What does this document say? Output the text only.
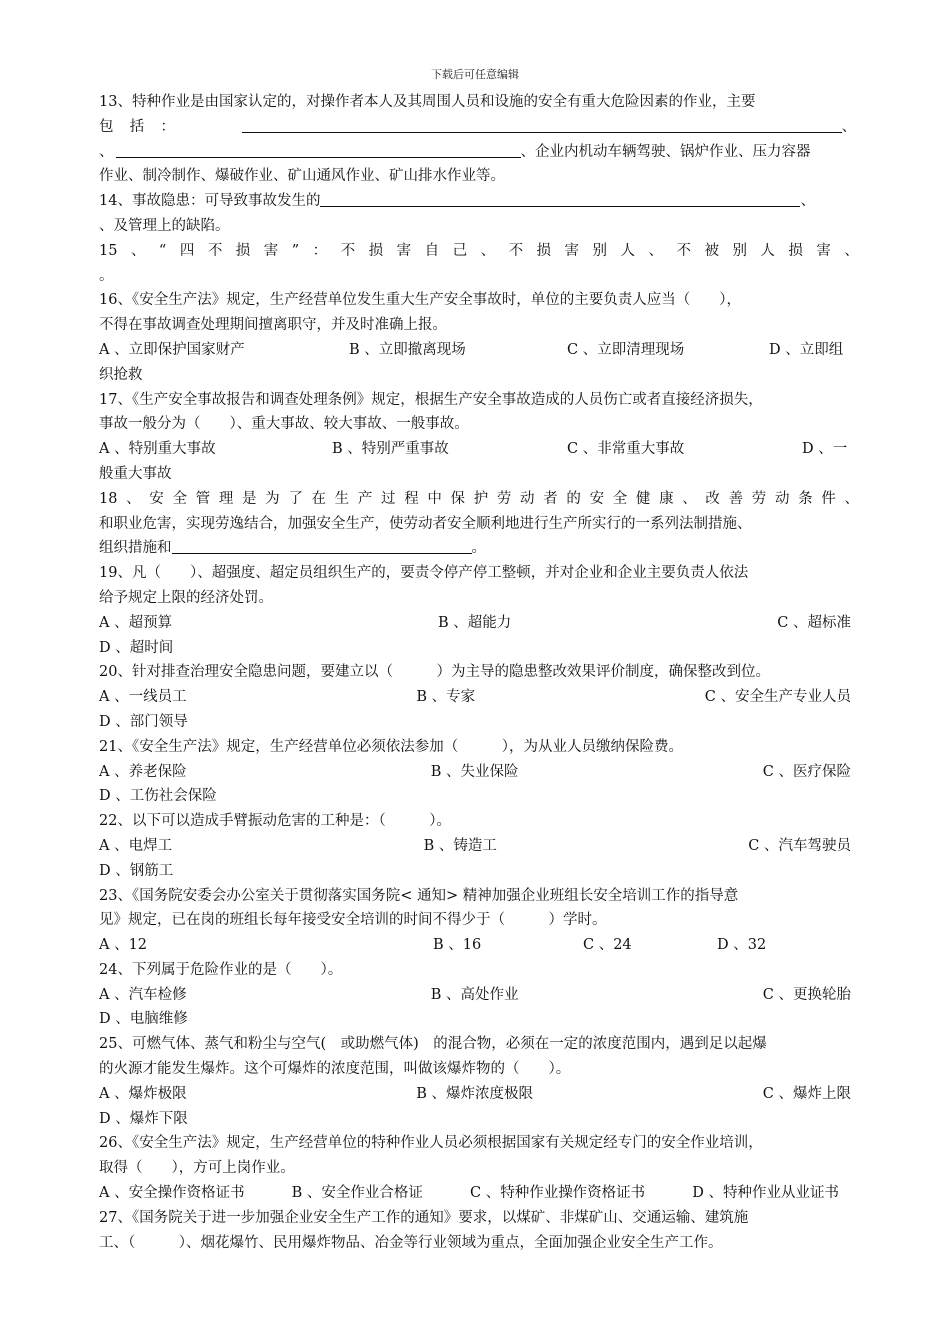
下载后可任意编辑
13、特种作业是由国家认定的，对操作者本人及其周围人员和设施的安全有重大危险因素的作业，主要
包 括 ：	、
、	、企业内机动车辆驾驶、锅炉作业、压力容器
作业、制冷制作、爆破作业、矿山通风作业、矿山排水作业等。
14、事故隐患：可导致事故发生的	、
、及管理上的缺陷。
15 、 “ 四 不 损 害 ” ： 不 损 害 自 己 、 不 损 害 别 人 、 不 被 别 人 损 害 、
。
16、《安全生产法》规定，生产经营单位发生重大生产安全事故时，单位的主要负责人应当（　　），
不得在事故调查处理期间擅离职守，并及时准确上报。
A 、立即保护国家财产	B 、立即撤离现场	C 、立即清理现场	D 、立即组
织抢救
17、《生产安全事故报告和调查处理条例》规定，根据生产安全事故造成的人员伤亡或者直接经济损失，
事故一般分为（　　）、重大事故、较大事故、一般事故。
A 、特别重大事故	B 、特别严重事故	C 、非常重大事故	D 、一
般重大事故
18 、 安 全 管 理 是 为 了 在 生 产 过 程 中 保 护 劳 动 者 的 安 全 健 康 、 改 善 劳 动 条 件 、
和职业危害，实现劳逸结合，加强安全生产，使劳动者安全顺利地进行生产所实行的一系列法制措施、
组织措施和	。
19、凡（　　）、超强度、超定员组织生产的，要责令停产停工整顿，并对企业和企业主要负责人依法
给予规定上限的经济处罚。
A 、超预算	B 、超能力	C 、超标准
D 、超时间
20、针对排查治理安全隐患问题，要建立以（　　　）为主导的隐患整改效果评价制度，确保整改到位。
A 、一线员工	B 、专家	C 、安全生产专业人员
D 、部门领导
21、《安全生产法》规定，生产经营单位必须依法参加（　　　），为从业人员缴纳保险费。
A 、养老保险	B 、失业保险	C 、医疗保险
D 、工伤社会保险
22、以下可以造成手臂振动危害的工种是：（　　　）。
A 、电焊工	B 、铸造工	C 、汽车驾驶员
D 、钢筋工
23、《国务院安委会办公室关于贯彻落实国务院< 通知> 精神加强企业班组长安全培训工作的指导意
见》规定，已在岗的班组长每年接受安全培训的时间不得少于（　　　）学时。
A 、12	B 、16	C 、24	D 、32
24、下列属于危险作业的是（　　）。
A 、汽车检修	B 、高处作业	C 、更换轮胎
D 、电脑维修
25、可燃气体、蒸气和粉尘与空气(　或助燃气体)　的混合物，必须在一定的浓度范围内，遇到足以起爆
的火源才能发生爆炸。这个可爆炸的浓度范围，叫做该爆炸物的（　　）。
A 、爆炸极限	B 、爆炸浓度极限	C 、爆炸上限
D 、爆炸下限
26、《安全生产法》规定，生产经营单位的特种作业人员必须根据国家有关规定经专门的安全作业培训，
取得（　　），方可上岗作业。
A 、安全操作资格证书	B 、安全作业合格证	C 、特种作业操作资格证书	D 、特种作业从业证书
27、《国务院关于进一步加强企业安全生产工作的通知》要求，以煤矿、非煤矿山、交通运输、建筑施
工、（　　　）、烟花爆竹、民用爆炸物品、冶金等行业领域为重点，全面加强企业安全生产工作。
